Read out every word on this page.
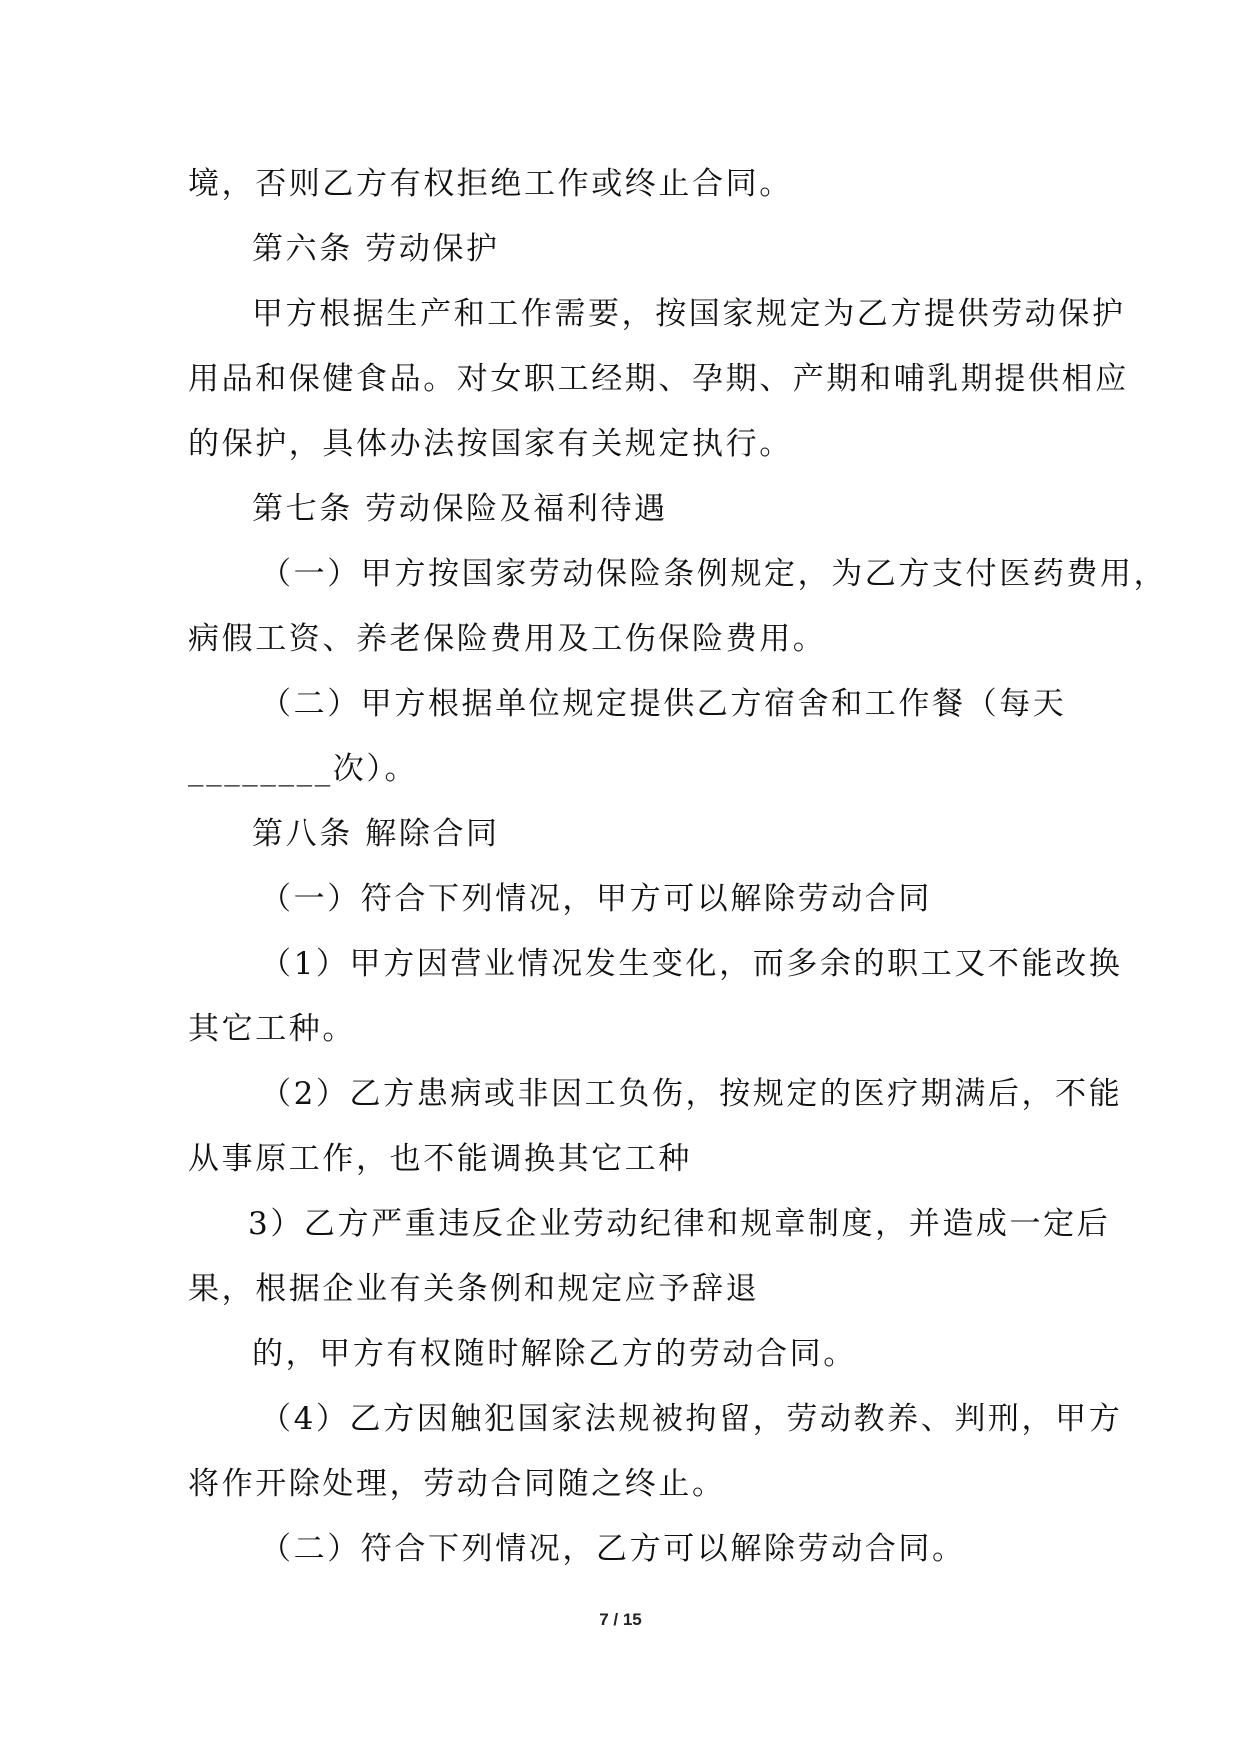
境，否则乙方有权拒绝工作或终止合同。
第六条 劳动保护
甲方根据生产和工作需要，按国家规定为乙方提供劳动保护
用品和保健食品。对女职工经期、孕期、产期和哺乳期提供相应
的保护，具体办法按国家有关规定执行。
第七条 劳动保险及福利待遇
（一）甲方按国家劳动保险条例规定，为乙方支付医药费用，
病假工资、养老保险费用及工伤保险费用。
（二）甲方根据单位规定提供乙方宿舍和工作餐（每天
________次）。
第八条 解除合同
（一）符合下列情况，甲方可以解除劳动合同
（1）甲方因营业情况发生变化，而多余的职工又不能改换
其它工种。
（2）乙方患病或非因工负伤，按规定的医疗期满后，不能
从事原工作，也不能调换其它工种
3）乙方严重违反企业劳动纪律和规章制度，并造成一定后
果，根据企业有关条例和规定应予辞退
的，甲方有权随时解除乙方的劳动合同。
（4）乙方因触犯国家法规被拘留，劳动教养、判刑，甲方
将作开除处理，劳动合同随之终止。
（二）符合下列情况，乙方可以解除劳动合同。
7 / 15
